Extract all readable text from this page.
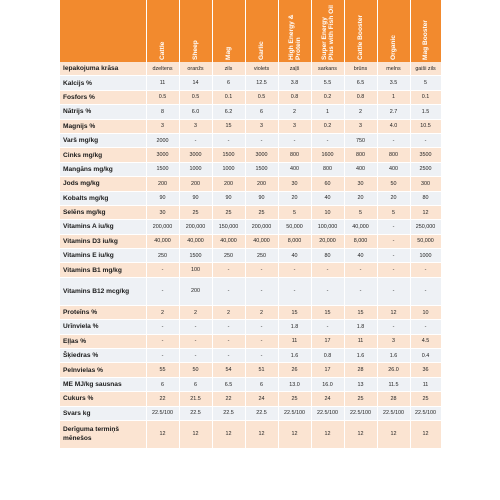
	Cattle	Sheep	Mag	Garlic	High Energy & Protein	Super Energy Plus with Fish Oil	Cattle Booster	Organic	Mag Booster

Iepakojuma krāsa	dzeltens	oranžs	zils	violets	zaļš	sarkans	brūns	melns	gaiši zils
Kalcijs %	11	14	6	12.5	3.8	5.5	6.5	3.5	5
Fosfors %	0.5	0.5	0.1	0.5	0.8	0.2	0.8	1	0.1
Nātrijs %	8	6.0	6.2	6	2	1	2	2.7	1.5
Magnijs %	3	3	15	3	3	0.2	3	4.0	10.5
Varš mg/kg	2000	-	-	-	-	-	750	-	-
Cinks mg/kg	3000	3000	1500	3000	800	1600	800	800	3500
Mangāns mg/kg	1500	1000	1000	1500	400	800	400	400	2500
Jods mg/kg	200	200	200	200	30	60	30	50	300
Kobalts mg/kg	90	90	90	90	20	40	20	20	80
Selēns mg/kg	30	25	25	25	5	10	5	5	12
Vitamins A iu/kg	200,000	200,000	150,000	200,000	50,000	100,000	40,000	-	250,000
Vitamins D3 iu/kg	40,000	40,000	40,000	40,000	8,000	20,000	8,000	-	50,000
Vitamins E iu/kg	250	1500	250	250	40	80	40	-	1000
Vitamins B1 mg/kg	-	100	-	-	-	-	-	-	-
Vitamins B12 mcg/kg	-	200	-	-	-	-	-	-	-
Proteīns %	2	2	2	2	15	15	15	12	10
Urīnviela %	-	-	-	-	1.8	-	1.8	-	-
Eļļas %	-	-	-	-	11	17	11	3	4.5
Šķiedras %	-	-	-	-	1.6	0.8	1.6	1.6	0.4
Pelnvielas %	55	50	54	51	26	17	28	26.0	36
ME MJ/kg sausnas	6	6	6.5	6	13.0	16.0	13	11.5	11
Cukurs %	22	21.5	22	24	25	24	25	28	25
Svars kg	22.5/100	22.5	22.5	22.5	22.5/100	22.5/100	22.5/100	22.5/100	22.5/100
Derīguma termiņš mēnešos	12	12	12	12	12	12	12	12	12
